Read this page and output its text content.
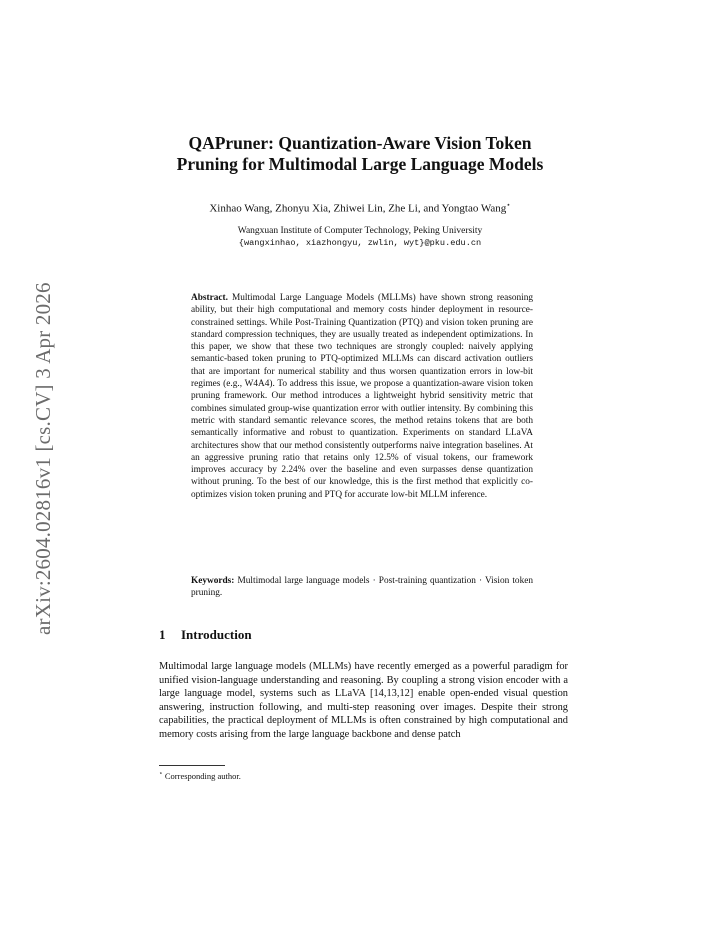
arXiv:2604.02816v1 [cs.CV] 3 Apr 2026
QAPruner: Quantization-Aware Vision Token
Pruning for Multimodal Large Language Models
Xinhao Wang, Zhonyu Xia, Zhiwei Lin, Zhe Li, and Yongtao Wang⋆
Wangxuan Institute of Computer Technology, Peking University
{wangxinhao, xiazhongyu, zwlin, wyt}@pku.edu.cn
Abstract. Multimodal Large Language Models (MLLMs) have shown strong reasoning ability, but their high computational and memory costs hinder deployment in resource-constrained settings. While Post-Training Quantization (PTQ) and vision token pruning are standard compression techniques, they are usually treated as independent optimizations. In this paper, we show that these two techniques are strongly coupled: naively applying semantic-based token pruning to PTQ-optimized MLLMs can discard activation outliers that are important for numerical stability and thus worsen quantization errors in low-bit regimes (e.g., W4A4). To address this issue, we propose a quantization-aware vision token pruning framework. Our method introduces a lightweight hybrid sensitivity metric that combines simulated group-wise quantization error with outlier intensity. By combining this metric with standard semantic relevance scores, the method retains tokens that are both semantically informative and robust to quantization. Experiments on standard LLaVA architectures show that our method consistently outperforms naive integration baselines. At an aggressive pruning ratio that retains only 12.5% of visual tokens, our framework improves accuracy by 2.24% over the baseline and even surpasses dense quantization without pruning. To the best of our knowledge, this is the first method that explicitly co-optimizes vision token pruning and PTQ for accurate low-bit MLLM inference.
Keywords: Multimodal large language models · Post-training quantization · Vision token pruning.
1 Introduction
Multimodal large language models (MLLMs) have recently emerged as a powerful paradigm for unified vision-language understanding and reasoning. By coupling a strong vision encoder with a large language model, systems such as LLaVA [14,13,12] enable open-ended visual question answering, instruction following, and multi-step reasoning over images. Despite their strong capabilities, the practical deployment of MLLMs is often constrained by high computational and memory costs arising from the large language backbone and dense patch
⋆ Corresponding author.
